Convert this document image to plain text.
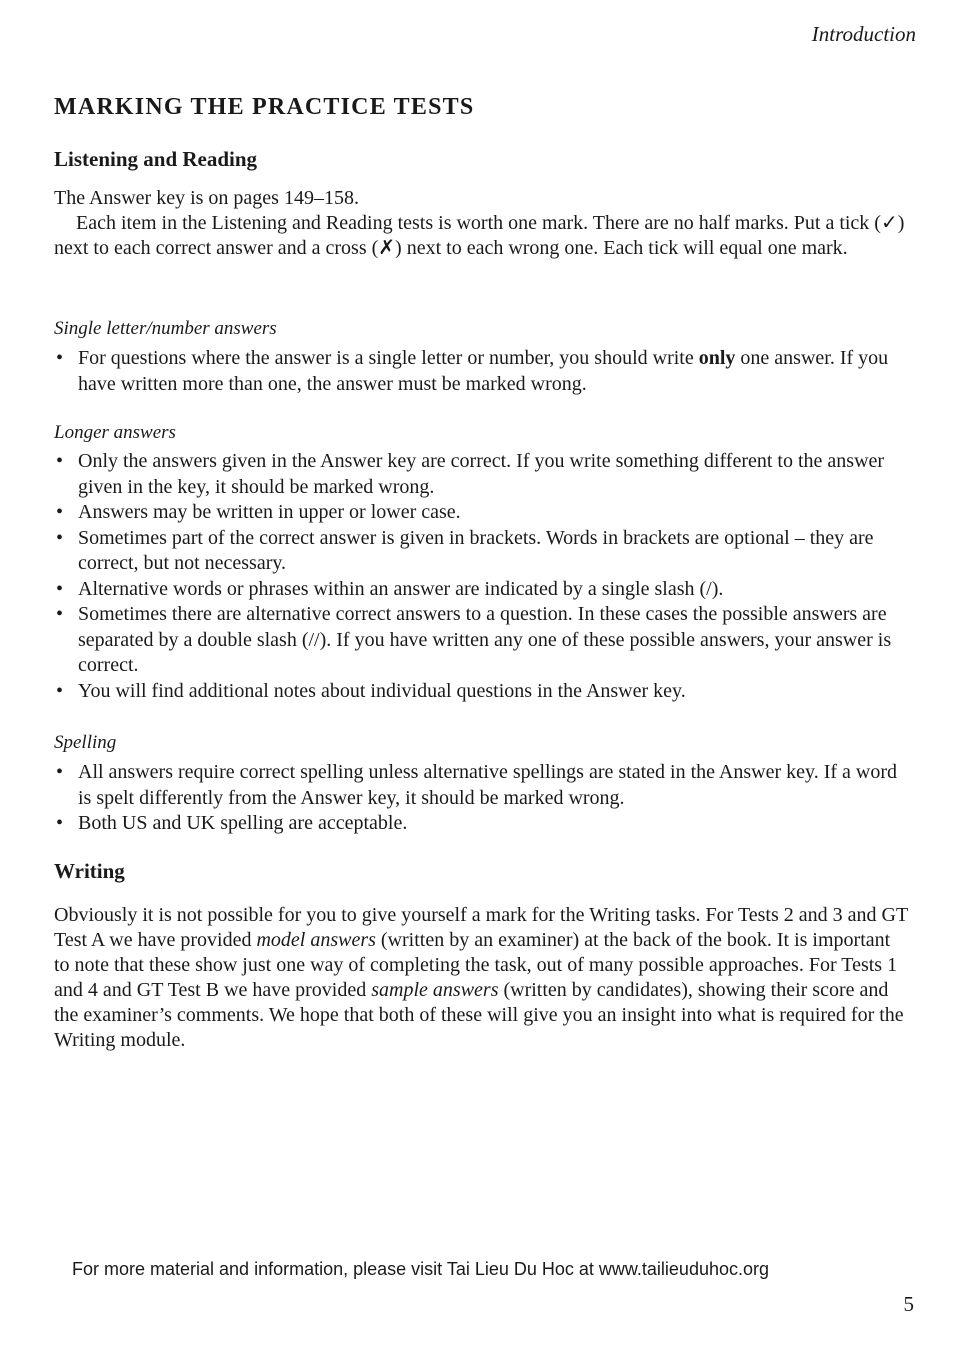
Introduction
MARKING THE PRACTICE TESTS
Listening and Reading
The Answer key is on pages 149–158.
Each item in the Listening and Reading tests is worth one mark. There are no half marks. Put a tick (✓) next to each correct answer and a cross (✗) next to each wrong one. Each tick will equal one mark.
Single letter/number answers
• For questions where the answer is a single letter or number, you should write only one answer. If you have written more than one, the answer must be marked wrong.
Longer answers
• Only the answers given in the Answer key are correct. If you write something different to the answer given in the key, it should be marked wrong.
• Answers may be written in upper or lower case.
• Sometimes part of the correct answer is given in brackets. Words in brackets are optional – they are correct, but not necessary.
• Alternative words or phrases within an answer are indicated by a single slash (/).
• Sometimes there are alternative correct answers to a question. In these cases the possible answers are separated by a double slash (//). If you have written any one of these possible answers, your answer is correct.
• You will find additional notes about individual questions in the Answer key.
Spelling
• All answers require correct spelling unless alternative spellings are stated in the Answer key. If a word is spelt differently from the Answer key, it should be marked wrong.
• Both US and UK spelling are acceptable.
Writing

Obviously it is not possible for you to give yourself a mark for the Writing tasks. For Tests 2 and 3 and GT Test A we have provided model answers (written by an examiner) at the back of the book. It is important to note that these show just one way of completing the task, out of many possible approaches. For Tests 1 and 4 and GT Test B we have provided sample answers (written by candidates), showing their score and the examiner’s comments. We hope that both of these will give you an insight into what is required for the Writing module.

For more material and information, please visit Tai Lieu Du Hoc at www.tailieuduhoc.org
5
